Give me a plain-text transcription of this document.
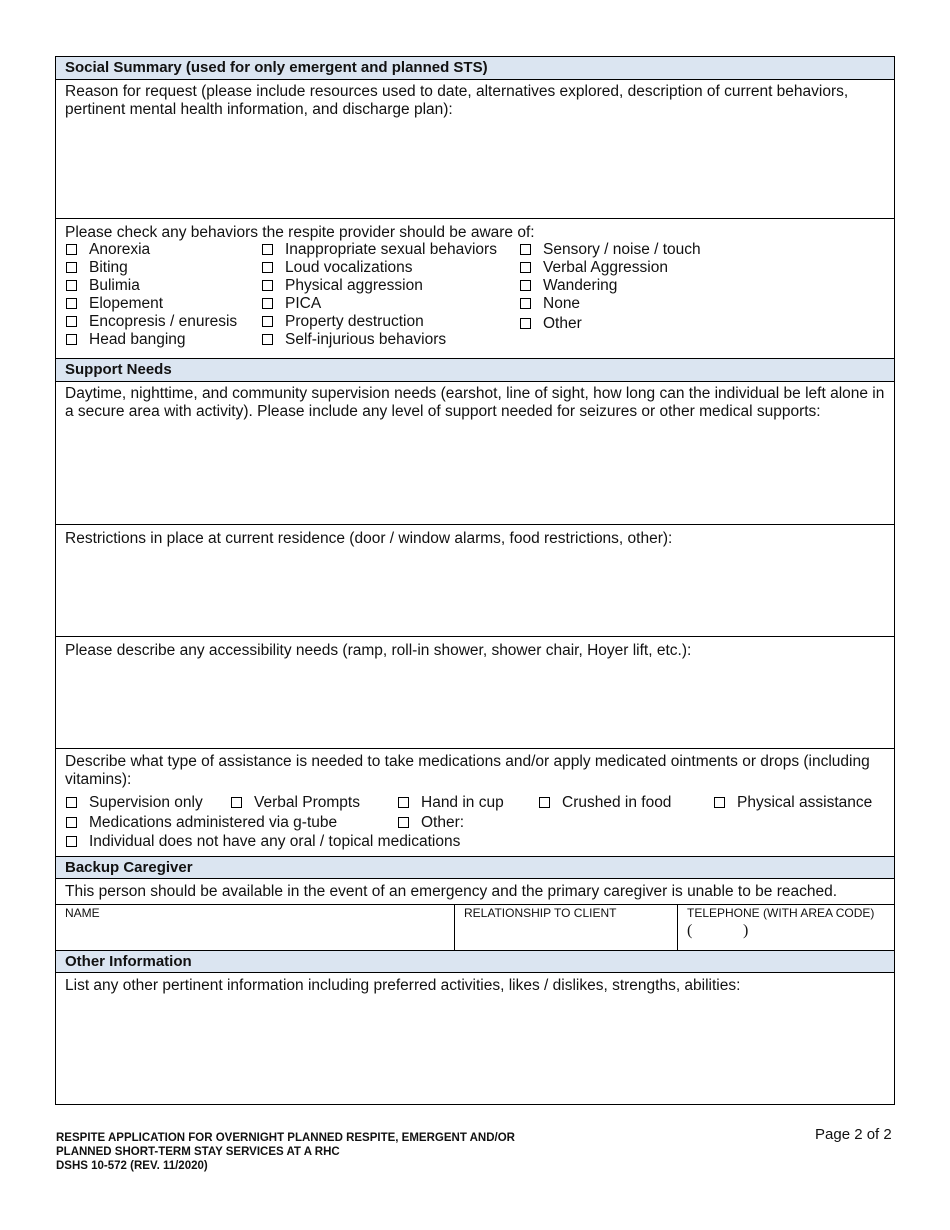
Social Summary (used for only emergent and planned STS)
Reason for request (please include resources used to date, alternatives explored, description of current behaviors, pertinent mental health information, and discharge plan):
Please check any behaviors the respite provider should be aware of:
Anorexia
Biting
Bulimia
Elopement
Encopresis / enuresis
Head banging
Inappropriate sexual behaviors
Loud vocalizations
Physical aggression
PICA
Property destruction
Self-injurious behaviors
Sensory / noise / touch
Verbal Aggression
Wandering
None
Other
Support Needs
Daytime, nighttime, and community supervision needs (earshot, line of sight, how long can the individual be left alone in a secure area with activity). Please include any level of support needed for seizures or other medical supports:
Restrictions in place at current residence (door / window alarms, food restrictions, other):
Please describe any accessibility needs (ramp, roll-in shower, shower chair, Hoyer lift, etc.):
Describe what type of assistance is needed to take medications and/or apply medicated ointments or drops (including vitamins):
Supervision only	Verbal Prompts	Hand in cup	Crushed in food	Physical assistance
Medications administered via g-tube	Other:
Individual does not have any oral / topical medications
Backup Caregiver
This person should be available in the event of an emergency and the primary caregiver is unable to be reached.
NAME	RELATIONSHIP TO CLIENT	TELEPHONE (WITH AREA CODE)
(	)
Other Information
List any other pertinent information including preferred activities, likes / dislikes, strengths, abilities:
RESPITE APPLICATION FOR OVERNIGHT PLANNED RESPITE, EMERGENT AND/OR
PLANNED SHORT-TERM STAY SERVICES AT A RHC
DSHS 10-572 (REV. 11/2020)
Page 2 of 2
